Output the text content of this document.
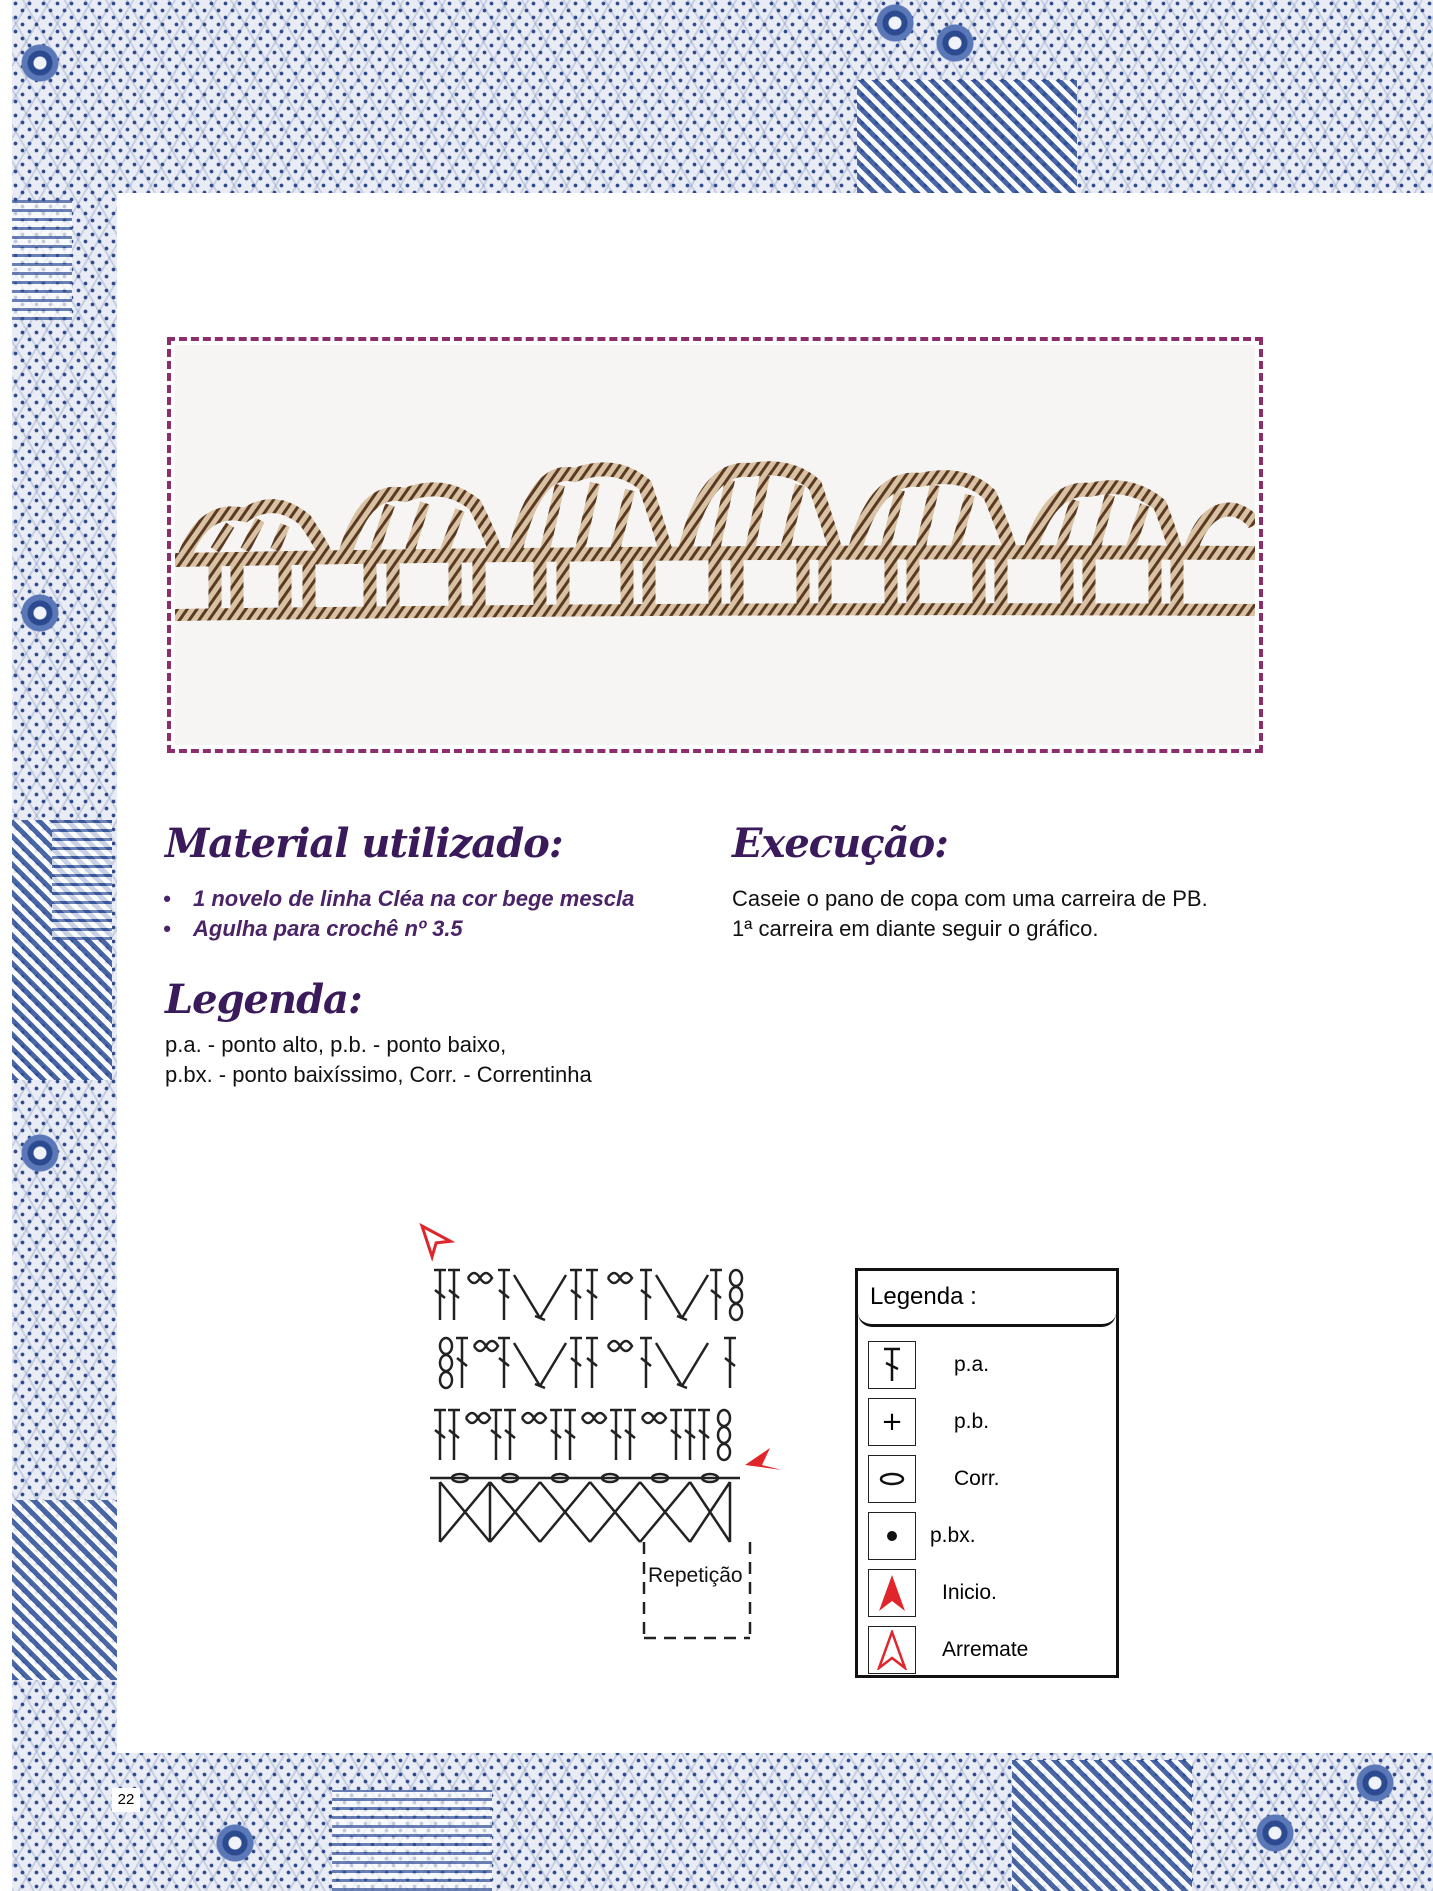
Material utilizado:
• 1 novelo de linha Cléa na cor bege mescla
• Agulha para crochê nº 3.5
Legenda:
p.a. - ponto alto, p.b. - ponto baixo,
p.bx. - ponto baixíssimo, Corr. - Correntinha
Execução:
Caseie o pano de copa com uma carreira de PB.
1ª carreira em diante seguir o gráfico.
Repetição
Legenda :
p.a.
+	p.b.
Corr.
p.bx.
Inicio.
Arremate
22
